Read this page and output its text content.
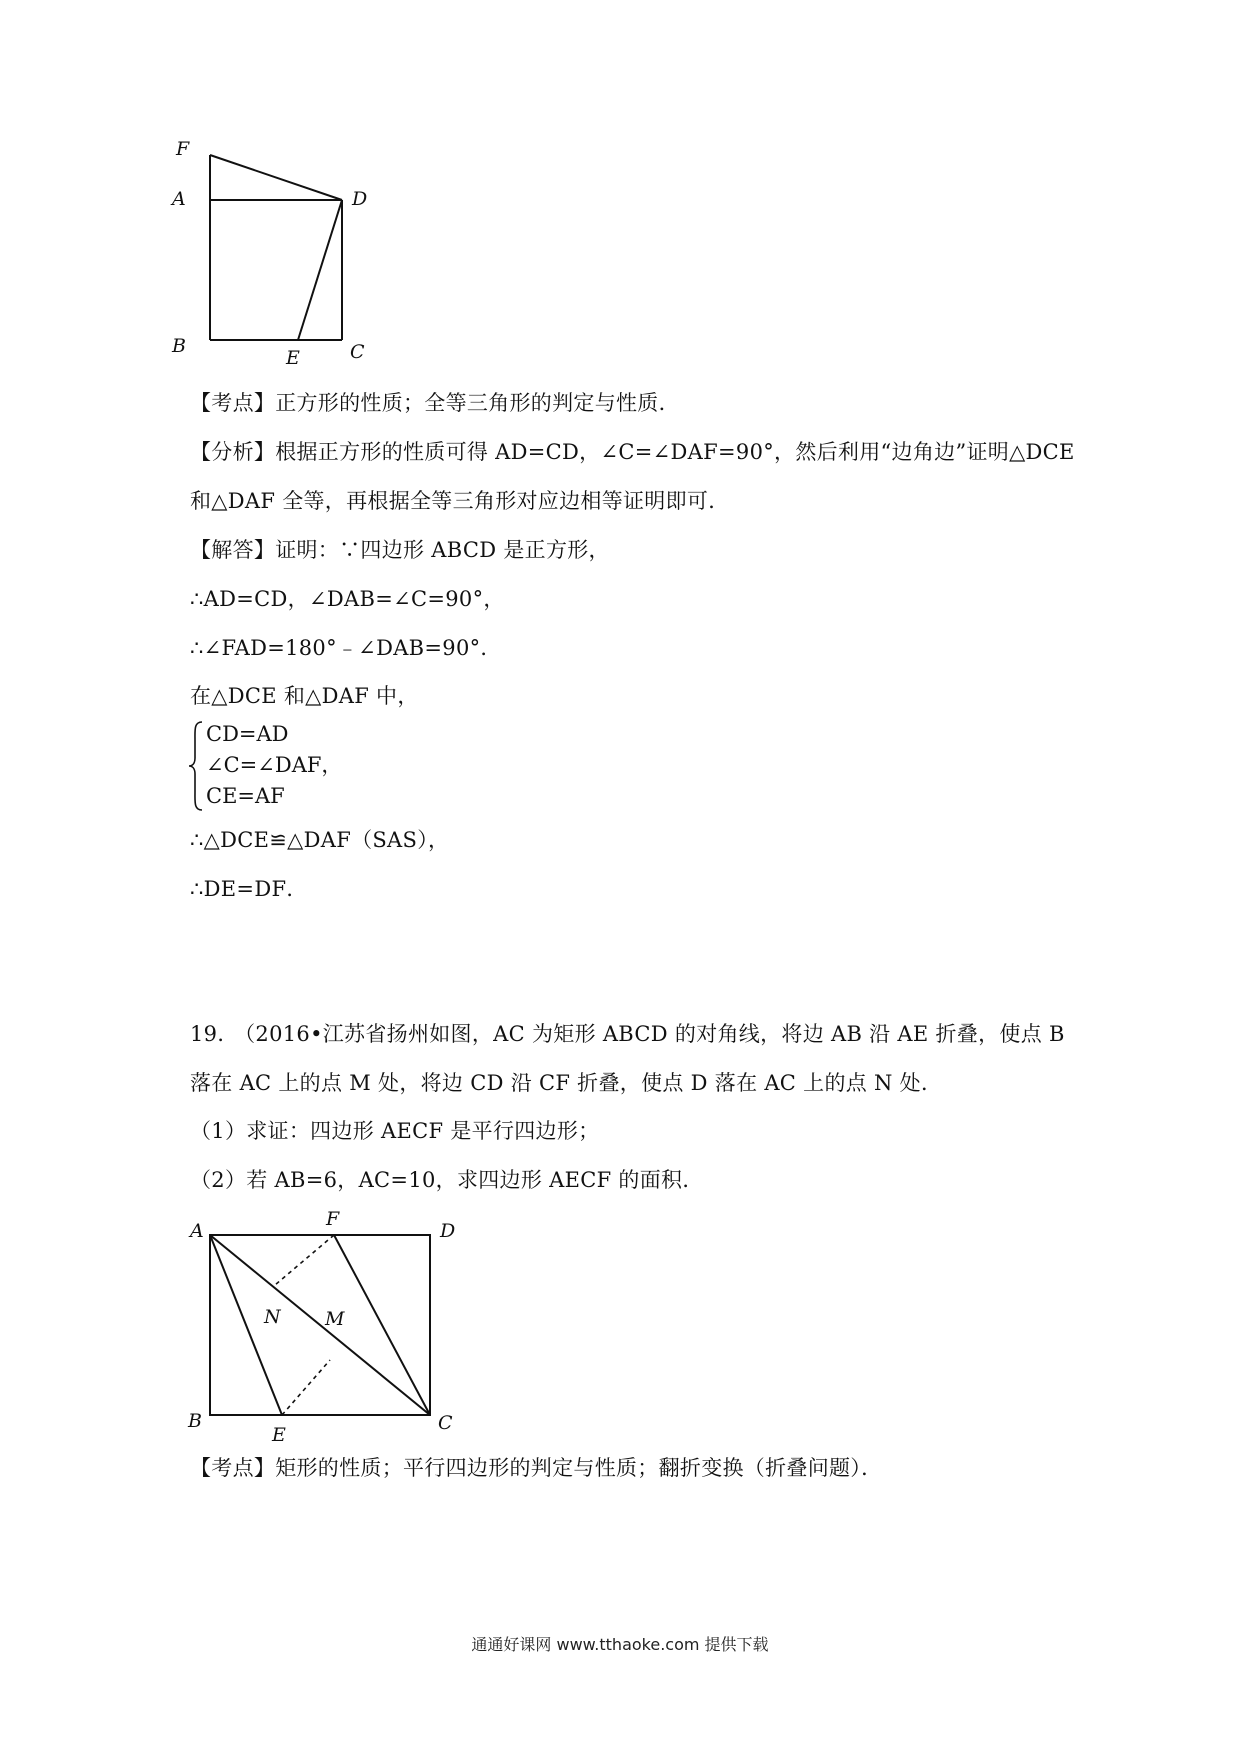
F
A	D
B
E	C
【考点】正方形的性质；全等三角形的判定与性质．
【分析】根据正方形的性质可得 AD=CD，∠C=∠DAF=90°，然后利用“边角边”证明△DCE
和△DAF 全等，再根据全等三角形对应边相等证明即可．
【解答】证明：∵四边形 ABCD 是正方形，
∴AD=CD，∠DAB=∠C=90°，
∴∠FAD=180°﹣∠DAB=90°．
在△DCE 和△DAF 中，
CD=AD
∠C=∠DAF，
CE=AF
∴△DCE≌△DAF（SAS），
∴DE=DF．
19． （2016•江苏省扬州如图，AC 为矩形 ABCD 的对角线，将边 AB 沿 AE 折叠，使点 B
落在 AC 上的点 M 处，将边 CD 沿 CF 折叠，使点 D 落在 AC 上的点 N 处．
（1）求证：四边形 AECF 是平行四边形；
（2）若 AB=6，AC=10，求四边形 AECF 的面积．
A
F
D
N M
B
E
C
【考点】矩形的性质；平行四边形的判定与性质；翻折变换（折叠问题）．
通通好课网 www.tthaoke.com 提供下载
